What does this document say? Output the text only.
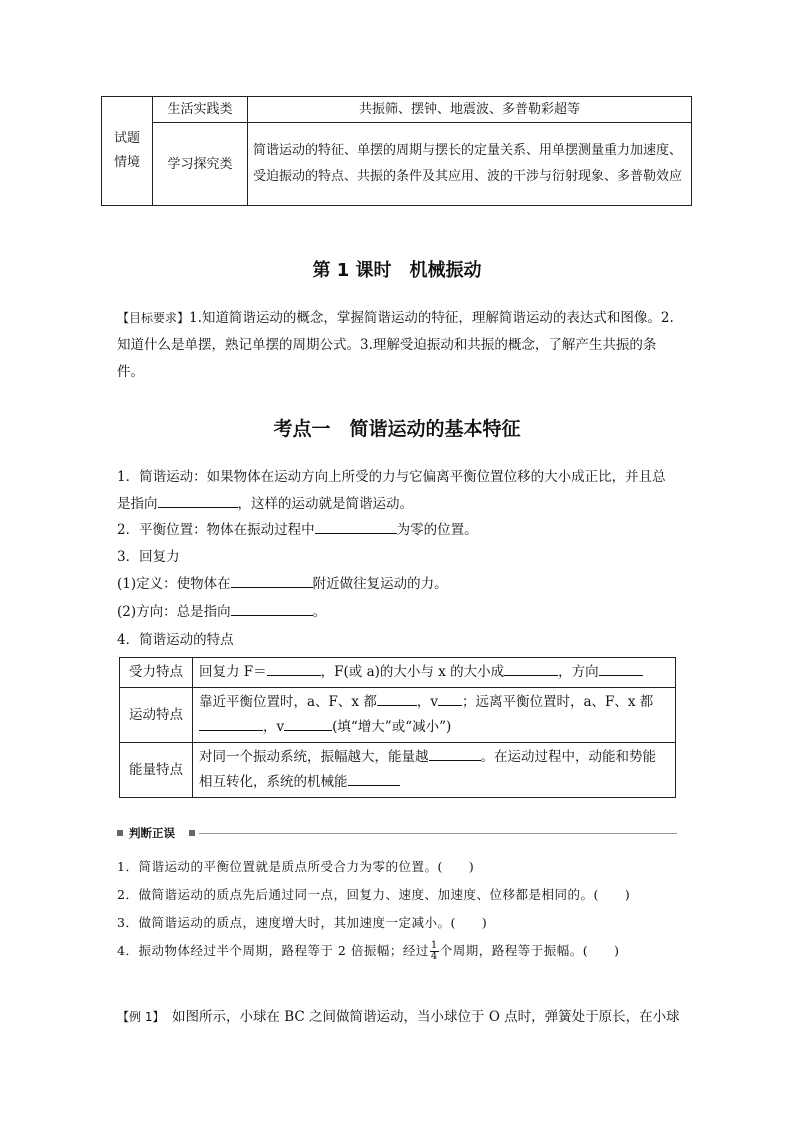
试题
情境	生活实践类	共振筛、摆钟、地震波、多普勒彩超等
	学习探究类	简谐运动的特征、单摆的周期与摆长的定量关系、用单摆测量重力加速度、受迫振动的特点、共振的条件及其应用、波的干涉与衍射现象、多普勒效应
第 1 课时　机械振动
【目标要求】1.知道简谐运动的概念，掌握简谐运动的特征，理解简谐运动的表达式和图像。2.知道什么是单摆，熟记单摆的周期公式。3.理解受迫振动和共振的概念，了解产生共振的条件。
考点一　简谐运动的基本特征
1．简谐运动：如果物体在运动方向上所受的力与它偏离平衡位置位移的大小成正比，并且总
是指向	，这样的运动就是简谐运动。
2．平衡位置：物体在振动过程中	为零的位置。
3．回复力
(1)定义：使物体在	附近做往复运动的力。
(2)方向：总是指向	。
4．简谐运动的特点
受力特点	回复力 F＝ ，F(或 a)的大小与 x 的大小成 ，方向
运动特点	靠近平衡位置时，a、F、x 都 ，v ；远离平衡位置时，a、F、x 都
，v (填“增大”或“减小”)
能量特点	对同一个振动系统，振幅越大，能量越 。在运动过程中，动能和势能相互转化，系统的机械能
判断正误
1．简谐运动的平衡位置就是质点所受合力为零的位置。(　　)
2．做简谐运动的质点先后通过同一点，回复力、速度、加速度、位移都是相同的。(　　)
3．做简谐运动的质点，速度增大时，其加速度一定减小。(　　)
4．振动物体经过半个周期，路程等于 2 倍振幅；经过 $\frac{1}{4}$ 个周期，路程等于振幅。(　　)
【例 1】　 如图所示，小球在 BC 之间做简谐运动，当小球位于 O 点时，弹簧处于原长，在小球
